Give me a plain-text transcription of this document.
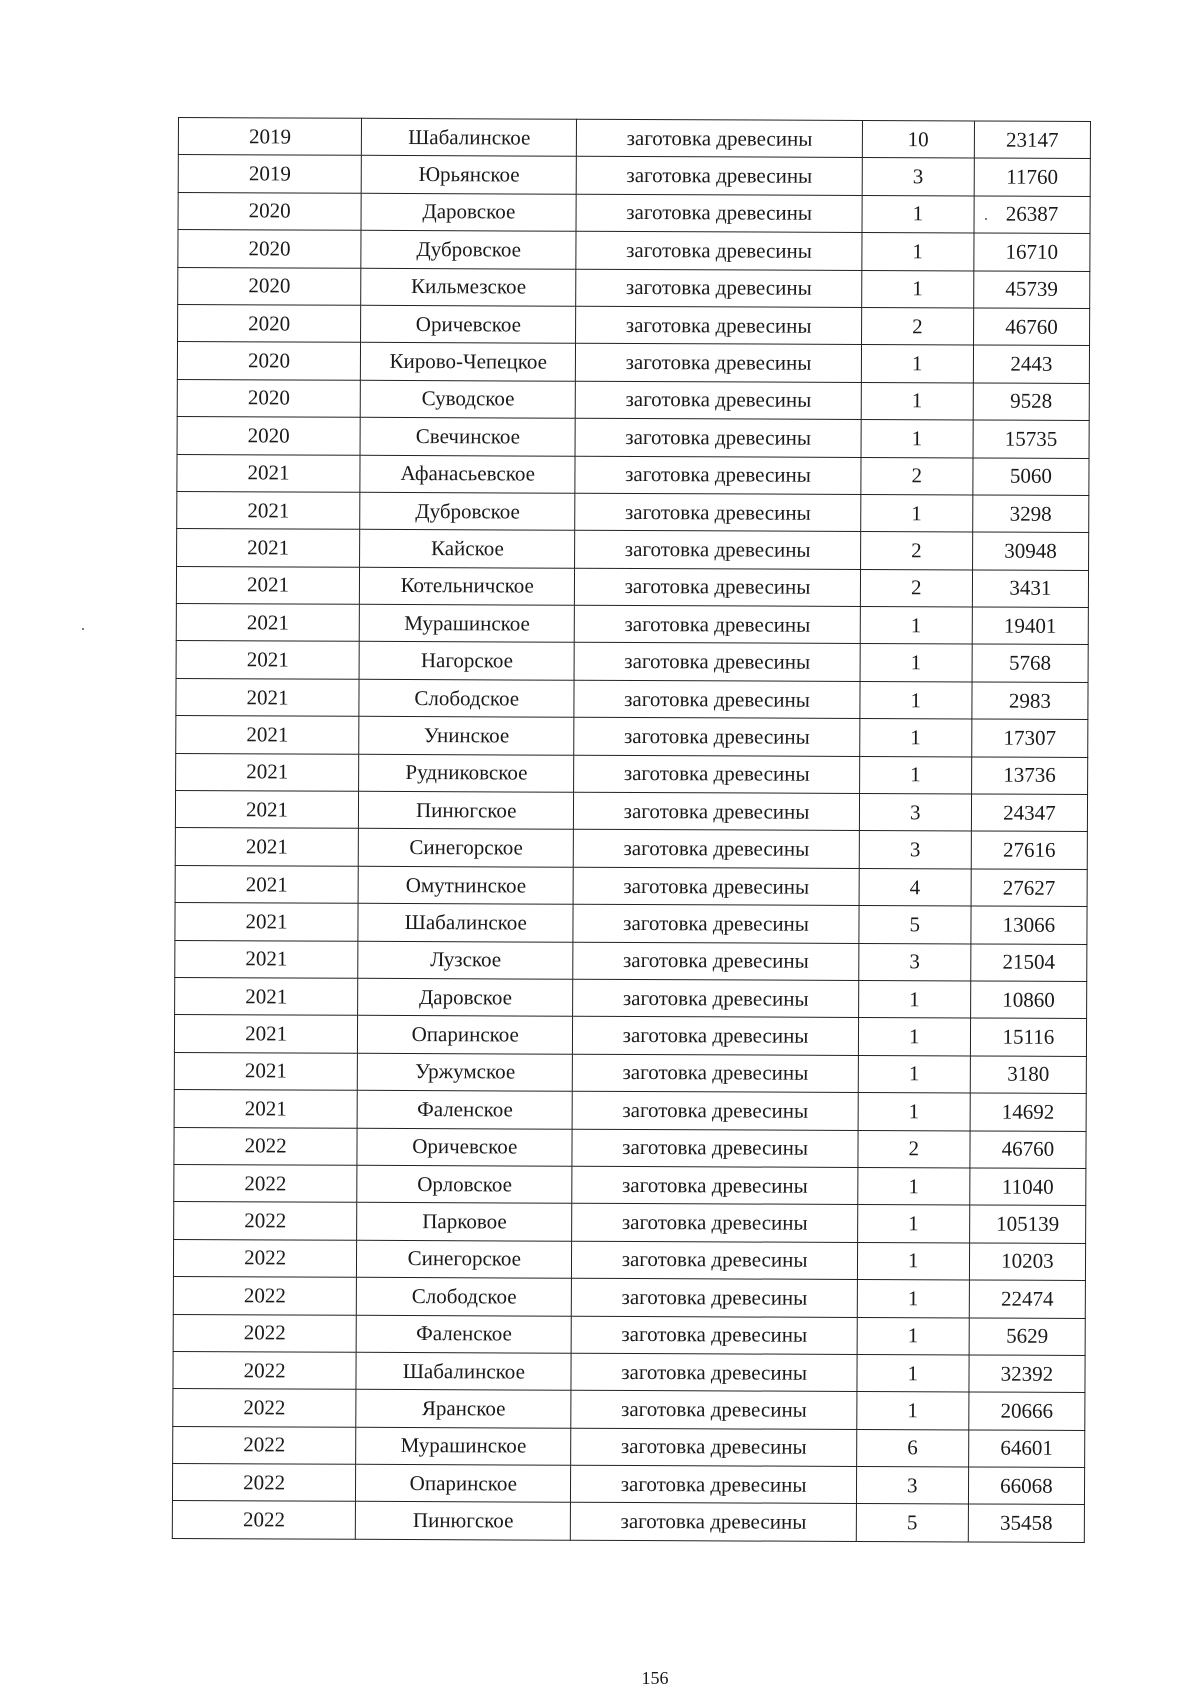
2019	Шабалинское	заготовка древесины	10	23147
2019	Юрьянское	заготовка древесины	3	11760
2020	Даровское	заготовка древесины	1	26387
2020	Дубровское	заготовка древесины	1	16710
2020	Кильмезское	заготовка древесины	1	45739
2020	Оричевское	заготовка древесины	2	46760
2020	Кирово-Чепецкое	заготовка древесины	1	2443
2020	Суводское	заготовка древесины	1	9528
2020	Свечинское	заготовка древесины	1	15735
2021	Афанасьевское	заготовка древесины	2	5060
2021	Дубровское	заготовка древесины	1	3298
2021	Кайское	заготовка древесины	2	30948
2021	Котельничское	заготовка древесины	2	3431
2021	Мурашинское	заготовка древесины	1	19401
2021	Нагорское	заготовка древесины	1	5768
2021	Слободское	заготовка древесины	1	2983
2021	Унинское	заготовка древесины	1	17307
2021	Рудниковское	заготовка древесины	1	13736
2021	Пинюгское	заготовка древесины	3	24347
2021	Синегорское	заготовка древесины	3	27616
2021	Омутнинское	заготовка древесины	4	27627
2021	Шабалинское	заготовка древесины	5	13066
2021	Лузское	заготовка древесины	3	21504
2021	Даровское	заготовка древесины	1	10860
2021	Опаринское	заготовка древесины	1	15116
2021	Уржумское	заготовка древесины	1	3180
2021	Фаленское	заготовка древесины	1	14692
2022	Оричевское	заготовка древесины	2	46760
2022	Орловское	заготовка древесины	1	11040
2022	Парковое	заготовка древесины	1	105139
2022	Синегорское	заготовка древесины	1	10203
2022	Слободское	заготовка древесины	1	22474
2022	Фаленское	заготовка древесины	1	5629
2022	Шабалинское	заготовка древесины	1	32392
2022	Яранское	заготовка древесины	1	20666
2022	Мурашинское	заготовка древесины	6	64601
2022	Опаринское	заготовка древесины	3	66068
2022	Пинюгское	заготовка древесины	5	35458
156
